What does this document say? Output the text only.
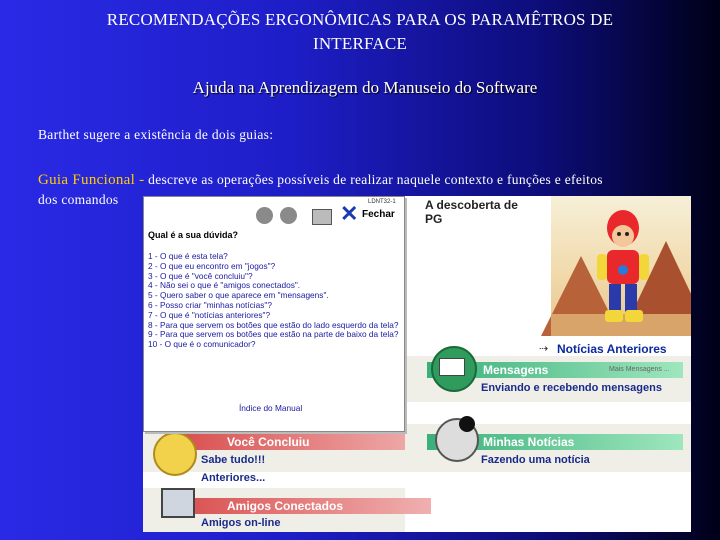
RECOMENDAÇÕES ERGONÔMICAS PARA OS PARAMÊTROS DE
INTERFACE
Ajuda na Aprendizagem do Manuseio do Software
Barthet sugere a existência de dois guias:
Guia Funcional - descreve as operações possíveis de realizar naquele contexto e funções e efeitos
dos comandos	A descoberta de
PG
⇢ Notícias Anteriores
Mensagens	Mais Mensagens ...
Enviando e recebendo mensagens
Você Concluiu
Sabe tudo!!!
Anteriores...
Minhas Notícias
Fazendo uma notícia
Amigos Conectados
Amigos on-line
✕ LDNT32-1
Fechar
Qual é a sua dúvida?
1 - O que é esta tela?
2 - O que eu encontro em "jogos"?
3 - O que é "você concluiu"?
4 - Não sei o que é "amigos conectados".
5 - Quero saber o que aparece em "mensagens".
6 - Posso criar "minhas notícias"?
7 - O que é "notícias anteriores"?
8 - Para que servem os botões que estão do lado esquerdo da tela?
9 - Para que servem os botões que estão na parte de baixo da tela?
10 - O que é o comunicador?
Índice do Manual
